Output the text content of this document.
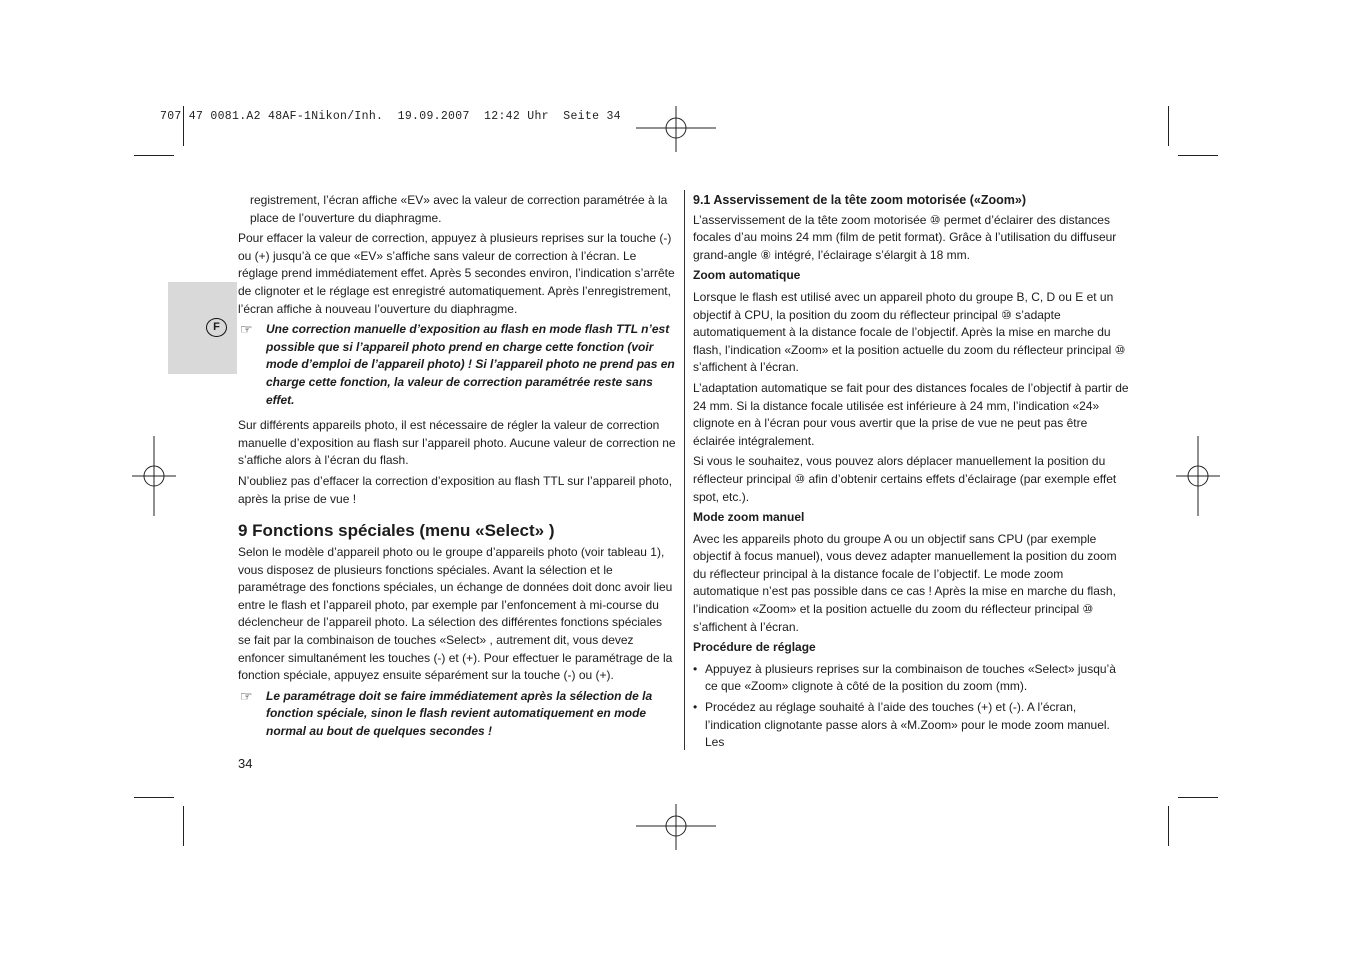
707 47 0081.A2 48AF-1Nikon/Inh.  19.09.2007  12:42 Uhr  Seite 34
F

registrement, l’écran affiche «EV» avec la valeur de correction paramétrée à la place de l’ouverture du diaphragme.

Pour effacer la valeur de correction, appuyez à plusieurs reprises sur la touche (-) ou (+) jusqu’à ce que «EV» s’affiche sans valeur de correction à l’écran. Le réglage prend immédiatement effet. Après 5 secondes environ, l’indication s’arrête de clignoter et le réglage est enregistré automatiquement. Après l’enregistrement, l’écran affiche à nouveau l’ouverture du diaphragme.

☞ Une correction manuelle d’exposition au flash en mode flash TTL n’est possible que si l’appareil photo prend en charge cette fonction (voir mode d’emploi de l’appareil photo) ! Si l’appareil photo ne prend pas en charge cette fonction, la valeur de correction paramétrée reste sans effet.

Sur différents appareils photo, il est nécessaire de régler la valeur de correction manuelle d’exposition au flash sur l’appareil photo. Aucune valeur de correction ne s’affiche alors à l’écran du flash.

N’oubliez pas d’effacer la correction d’exposition au flash TTL sur l’appareil photo, après la prise de vue !

9 Fonctions spéciales (menu «Select» )

Selon le modèle d’appareil photo ou le groupe d’appareils photo (voir tableau 1), vous disposez de plusieurs fonctions spéciales. Avant la sélection et le paramétrage des fonctions spéciales, un échange de données doit donc avoir lieu entre le flash et l’appareil photo, par exemple par l’enfoncement à mi-course du déclencheur de l’appareil photo. La sélection des différentes fonctions spéciales se fait par la combinaison de touches «Select» , autrement dit, vous devez enfoncer simultanément les touches (-) et (+). Pour effectuer le paramétrage de la fonction spéciale, appuyez ensuite séparément sur la touche (-) ou (+).

☞ Le paramétrage doit se faire immédiatement après la sélection de la fonction spéciale, sinon le flash revient automatiquement en mode normal au bout de quelques secondes !

9.1 Asservissement de la tête zoom motorisée («Zoom»)

L’asservissement de la tête zoom motorisée ⑩ permet d’éclairer des distances focales d’au moins 24 mm (film de petit format). Grâce à l’utilisation du diffuseur grand-angle ⑧ intégré, l’éclairage s’élargit à 18 mm.

Zoom automatique

Lorsque le flash est utilisé avec un appareil photo du groupe B, C, D ou E et un objectif à CPU, la position du zoom du réflecteur principal ⑩ s’adapte automatiquement à la distance focale de l’objectif. Après la mise en marche du flash, l’indication «Zoom» et la position actuelle du zoom du réflecteur principal ⑩ s’affichent à l’écran.

L’adaptation automatique se fait pour des distances focales de l’objectif à partir de 24 mm. Si la distance focale utilisée est inférieure à 24 mm, l’indication «24» clignote en à l’écran pour vous avertir que la prise de vue ne peut pas être éclairée intégralement.

Si vous le souhaitez, vous pouvez alors déplacer manuellement la position du réflecteur principal ⑩ afin d’obtenir certains effets d’éclairage (par exemple effet spot, etc.).

Mode zoom manuel

Avec les appareils photo du groupe A ou un objectif sans CPU (par exemple objectif à focus manuel), vous devez adapter manuellement la position du zoom du réflecteur principal à la distance focale de l’objectif. Le mode zoom automatique n’est pas possible dans ce cas ! Après la mise en marche du flash, l’indication «Zoom» et la position actuelle du zoom du réflecteur principal ⑩ s’affichent à l’écran.

Procédure de réglage

• Appuyez à plusieurs reprises sur la combinaison de touches «Select» jusqu’à ce que «Zoom» clignote à côté de la position du zoom (mm).

• Procédez au réglage souhaité à l’aide des touches (+) et (-). A l’écran, l’indication clignotante passe alors à «M.Zoom» pour le mode zoom manuel. Les

34
